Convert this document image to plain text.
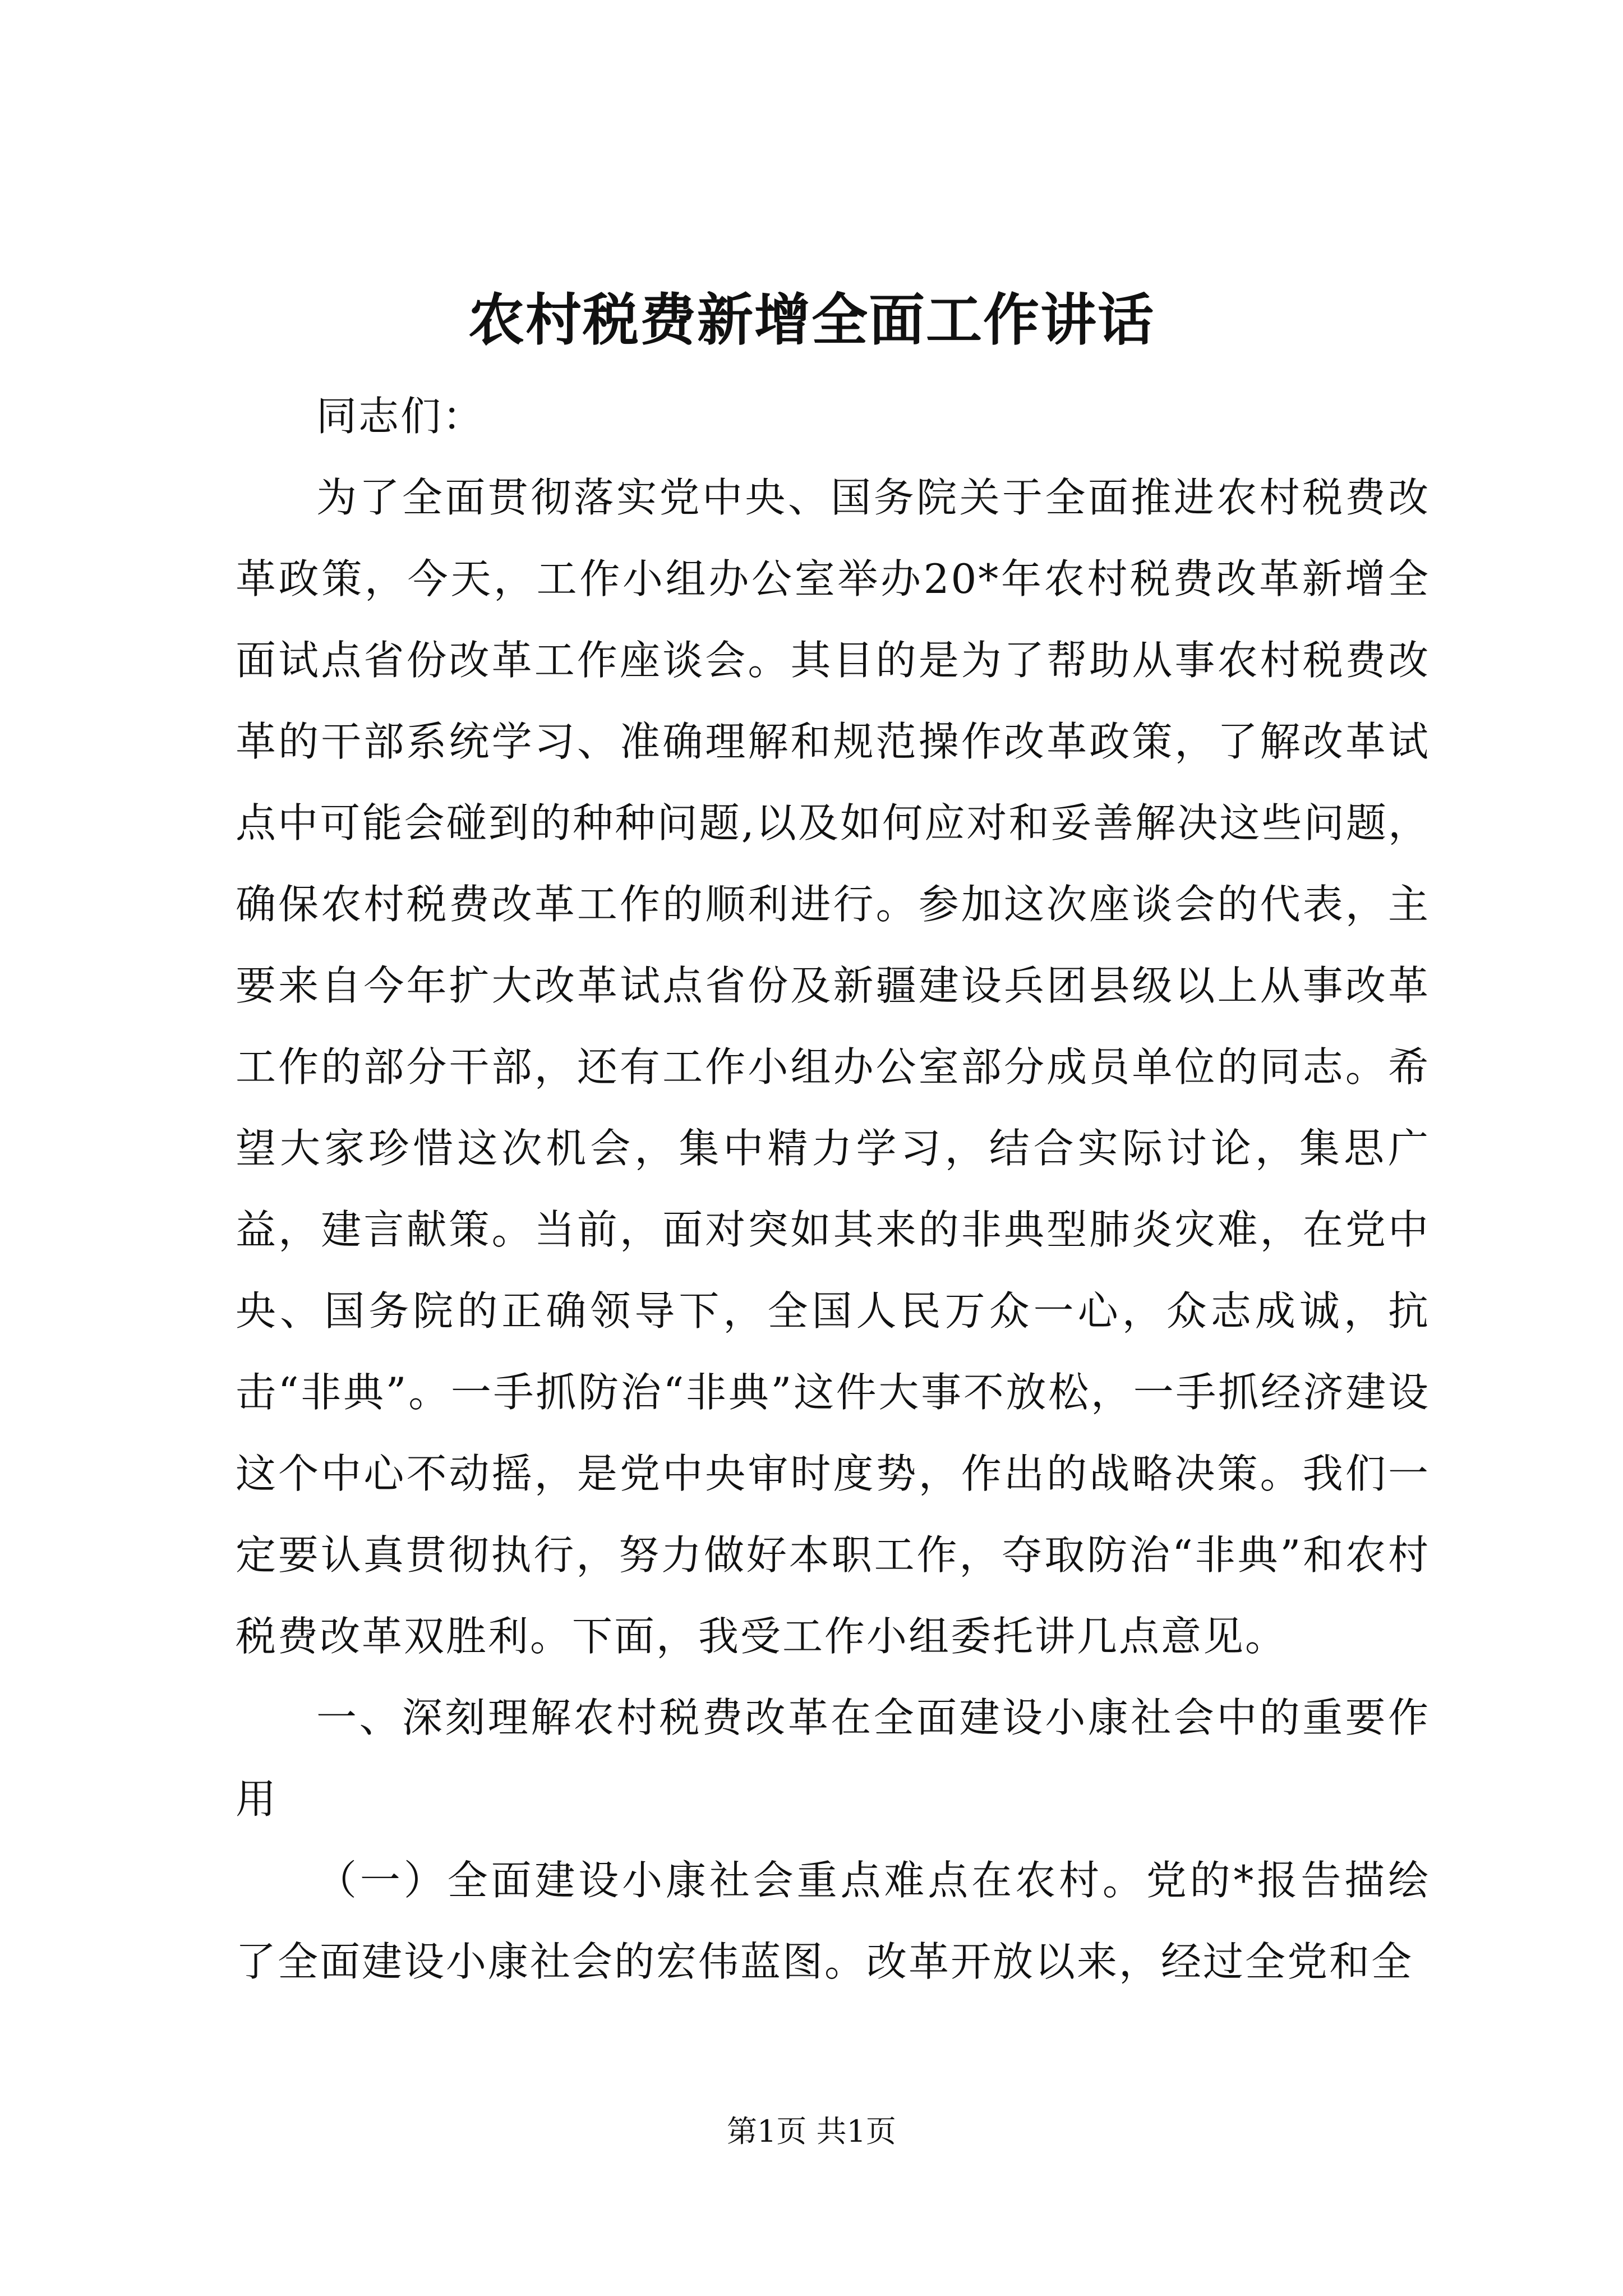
农村税费新增全面工作讲话

同志们：

为了全面贯彻落实党中央、国务院关于全面推进农村税费改革政策，今天，工作小组办公室举办20*年农村税费改革新增全面试点省份改革工作座谈会。其目的是为了帮助从事农村税费改革的干部系统学习、准确理解和规范操作改革政策，了解改革试点中可能会碰到的种种问题,以及如何应对和妥善解决这些问题，确保农村税费改革工作的顺利进行。参加这次座谈会的代表，主要来自今年扩大改革试点省份及新疆建设兵团县级以上从事改革工作的部分干部，还有工作小组办公室部分成员单位的同志。希望大家珍惜这次机会，集中精力学习，结合实际讨论，集思广益，建言献策。当前，面对突如其来的非典型肺炎灾难，在党中央、国务院的正确领导下，全国人民万众一心，众志成诚，抗击“非典”。一手抓防治“非典”这件大事不放松，一手抓经济建设这个中心不动摇，是党中央审时度势，作出的战略决策。我们一定要认真贯彻执行，努力做好本职工作，夺取防治“非典”和农村税费改革双胜利。下面，我受工作小组委托讲几点意见。

一、深刻理解农村税费改革在全面建设小康社会中的重要作用

（一）全面建设小康社会重点难点在农村。党的*报告描绘了全面建设小康社会的宏伟蓝图。改革开放以来，经过全党和全

第1页 共1页
